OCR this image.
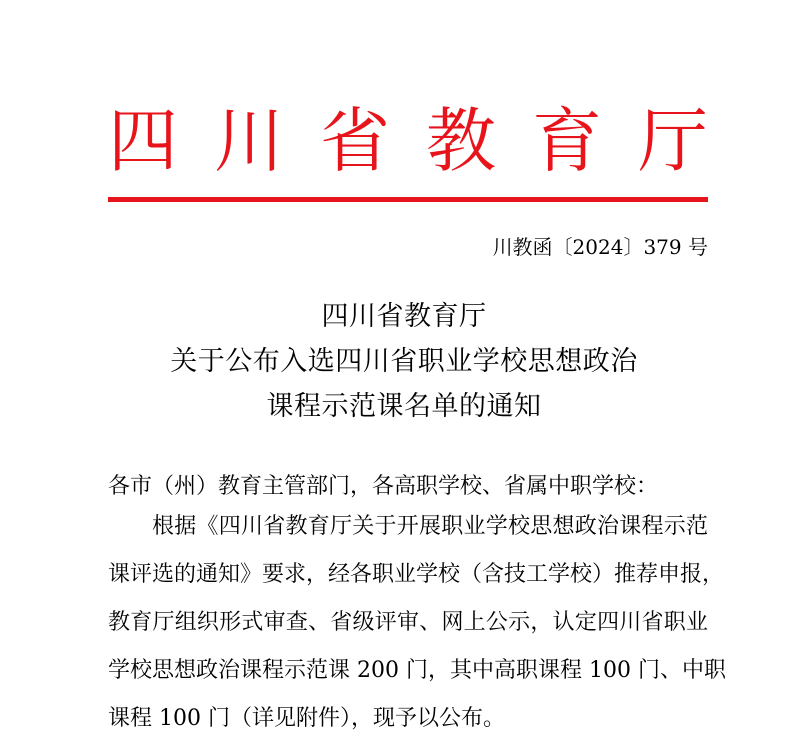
四 川 省 教 育 厅
川教函〔2024〕379 号
四川省教育厅
关于公布入选四川省职业学校思想政治
课程示范课名单的通知
各市（州）教育主管部门，各高职学校、省属中职学校：
根据《四川省教育厅关于开展职业学校思想政治课程示范
课评选的通知》要求，经各职业学校（含技工学校）推荐申报，
教育厅组织形式审查、省级评审、网上公示，认定四川省职业
学校思想政治课程示范课 200 门，其中高职课程 100 门、中职
课程 100 门（详见附件），现予以公布。
